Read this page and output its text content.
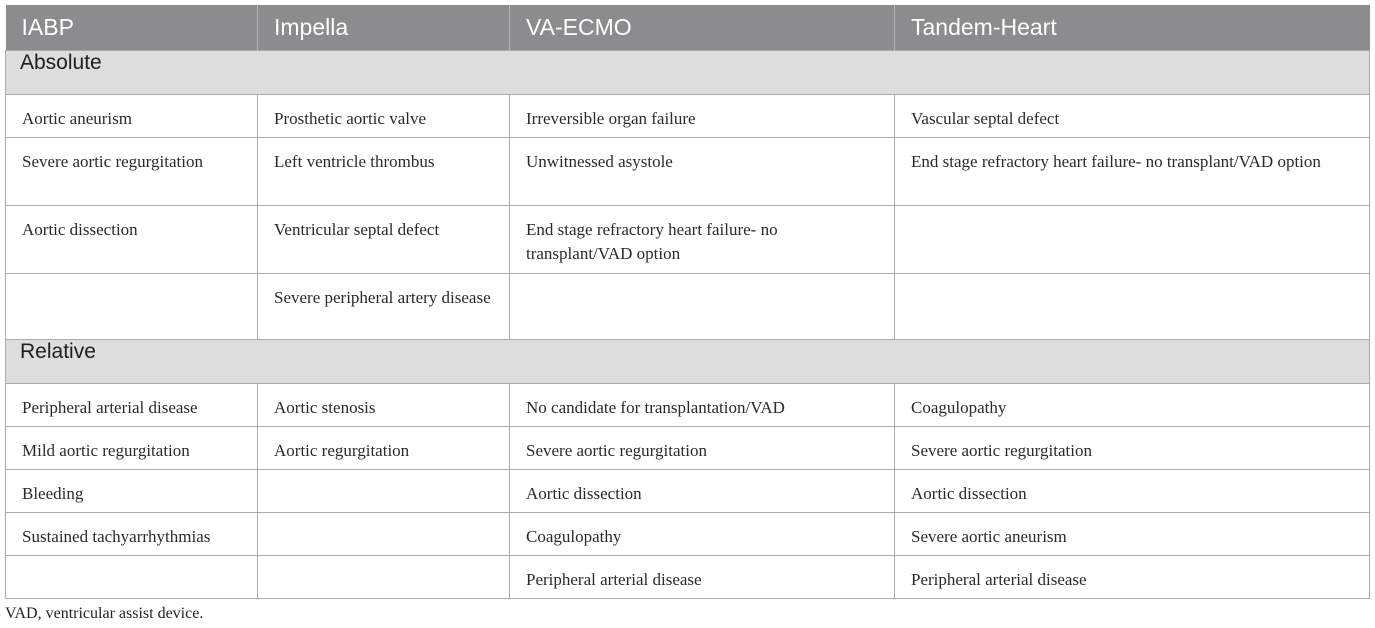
IABP	Impella	VA-ECMO	Tandem-Heart
Absolute			
Aortic aneurism	Prosthetic aortic valve	Irreversible organ failure	Vascular septal defect
Severe aortic regurgitation	Left ventricle thrombus	Unwitnessed asystole	End stage refractory heart failure- no transplant/VAD option
Aortic dissection	Ventricular septal defect	End stage refractory heart failure- no transplant/VAD option	
	Severe peripheral artery disease		
Relative			
Peripheral arterial disease	Aortic stenosis	No candidate for transplantation/VAD	Coagulopathy
Mild aortic regurgitation	Aortic regurgitation	Severe aortic regurgitation	Severe aortic regurgitation
Bleeding		Aortic dissection	Aortic dissection
Sustained tachyarrhythmias		Coagulopathy	Severe aortic aneurism
		Peripheral arterial disease	Peripheral arterial disease
VAD, ventricular assist device.
